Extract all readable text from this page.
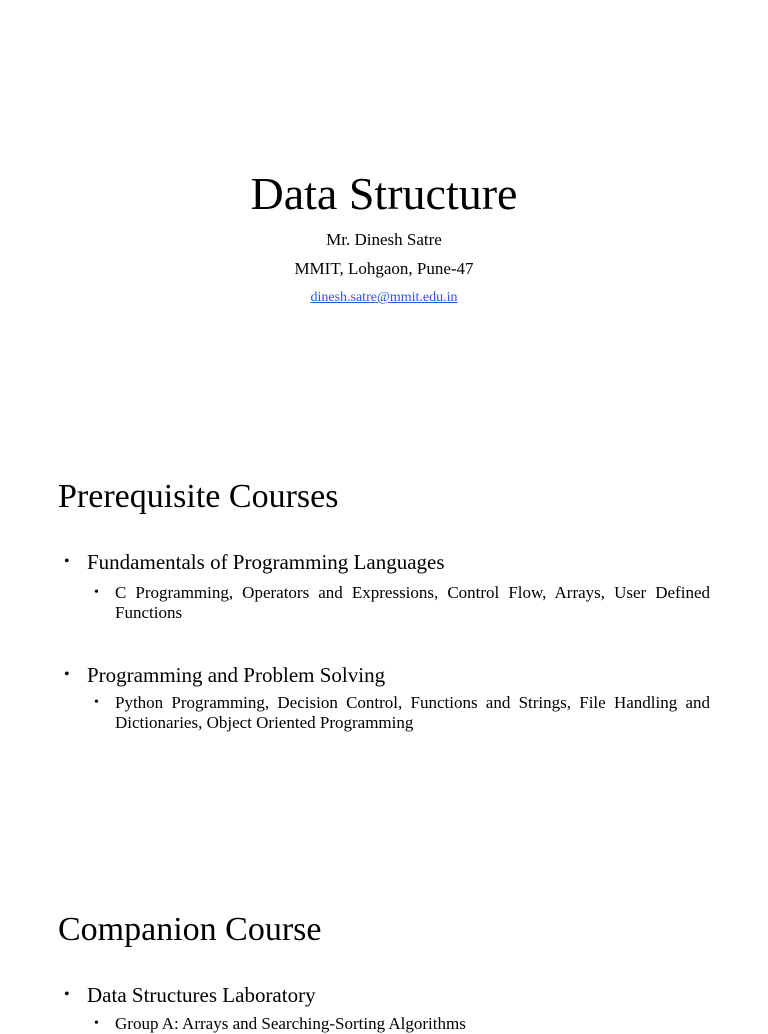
Data Structure
Mr. Dinesh Satre
MMIT, Lohgaon, Pune-47
dinesh.satre@mmit.edu.in
Prerequisite Courses
• Fundamentals of Programming Languages
• C Programming, Operators and Expressions, Control Flow, Arrays, User Defined Functions
• Programming and Problem Solving
• Python Programming, Decision Control, Functions and Strings, File Handling and Dictionaries, Object Oriented Programming
Companion Course
• Data Structures Laboratory
• Group A: Arrays and Searching-Sorting Algorithms
